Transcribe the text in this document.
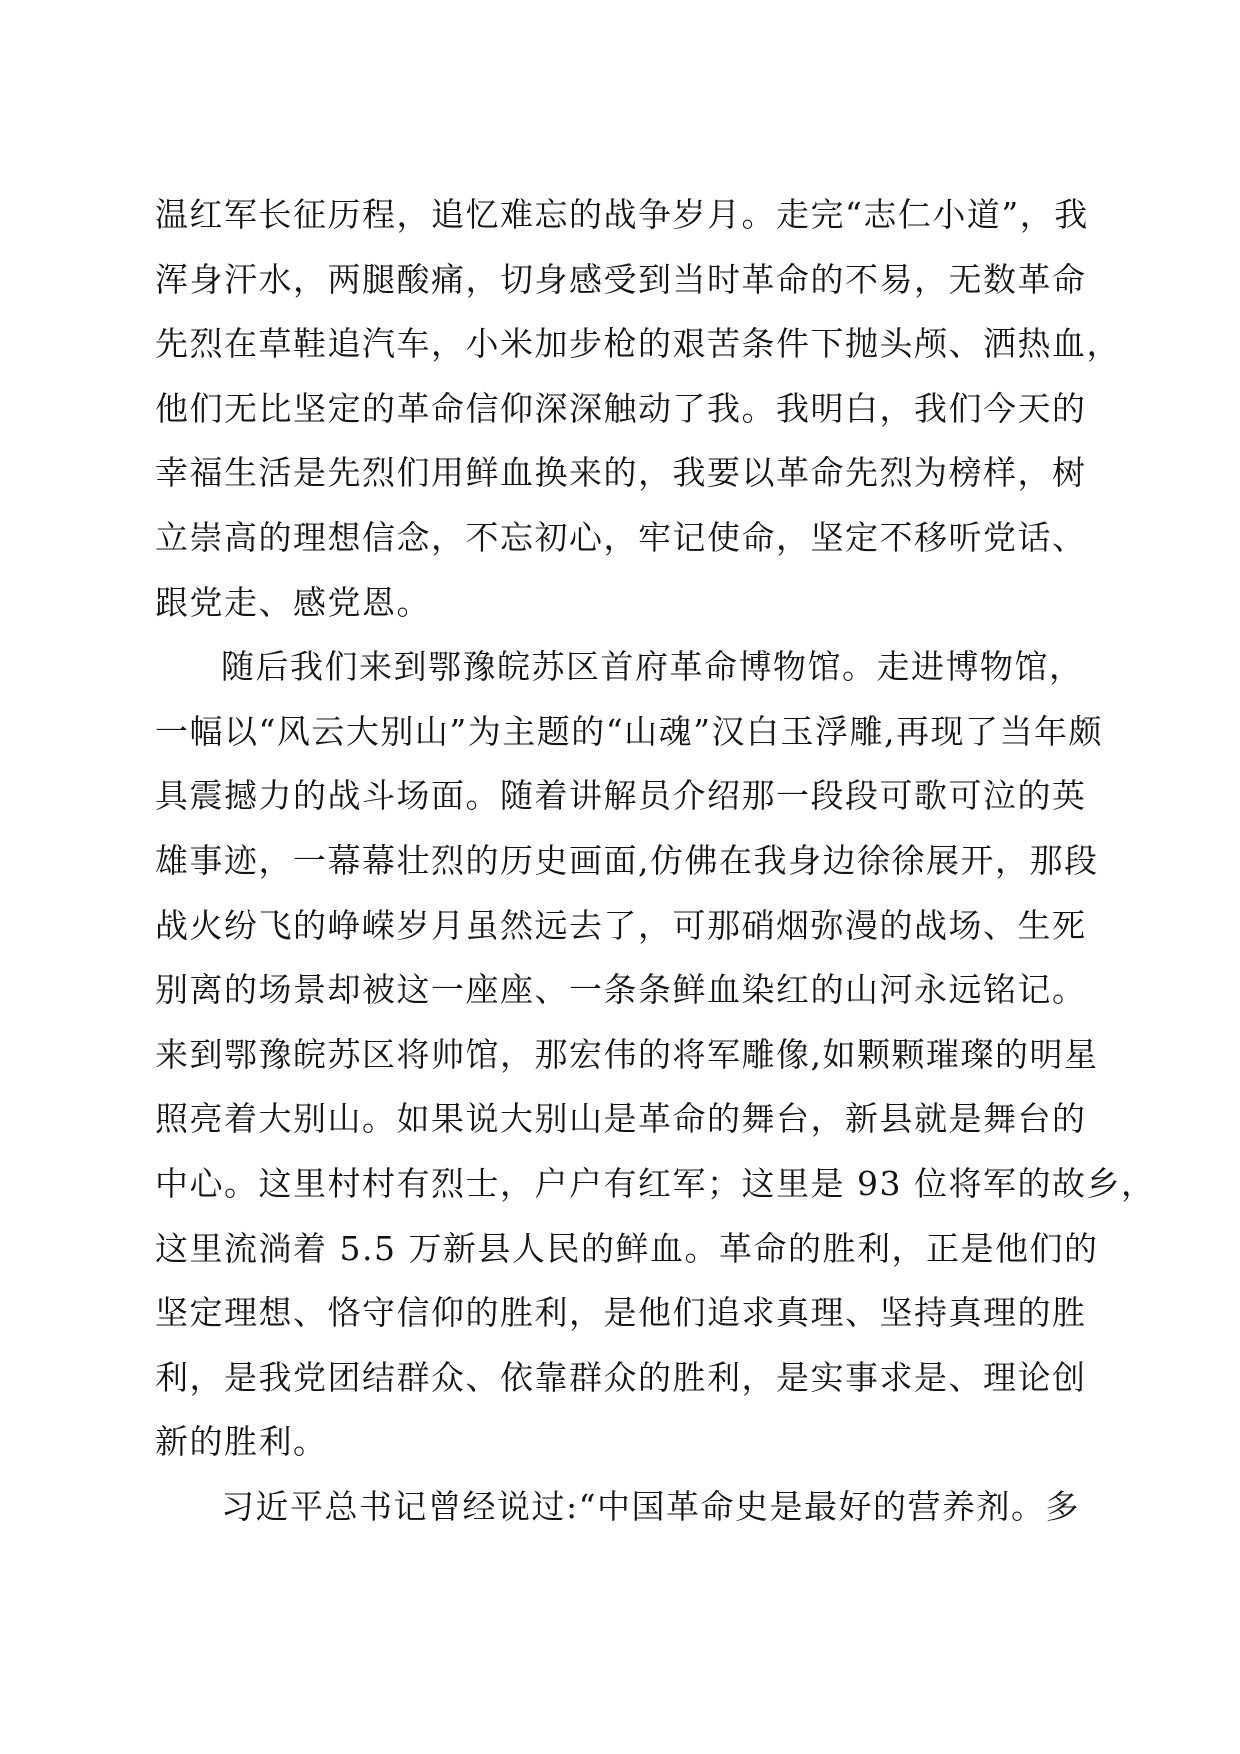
温红军长征历程，追忆难忘的战争岁月。走完“志仁小道”，我
浑身汗水，两腿酸痛，切身感受到当时革命的不易，无数革命
先烈在草鞋追汽车，小米加步枪的艰苦条件下抛头颅、洒热血，
他们无比坚定的革命信仰深深触动了我。我明白，我们今天的
幸福生活是先烈们用鲜血换来的，我要以革命先烈为榜样，树
立崇高的理想信念，不忘初心，牢记使命，坚定不移听党话、
跟党走、感党恩。
随后我们来到鄂豫皖苏区首府革命博物馆。走进博物馆，
一幅以“风云大别山”为主题的“山魂”汉白玉浮雕,再现了当年颇
具震撼力的战斗场面。随着讲解员介绍那一段段可歌可泣的英
雄事迹，一幕幕壮烈的历史画面,仿佛在我身边徐徐展开，那段
战火纷飞的峥嵘岁月虽然远去了，可那硝烟弥漫的战场、生死
别离的场景却被这一座座、一条条鲜血染红的山河永远铭记。
来到鄂豫皖苏区将帅馆，那宏伟的将军雕像,如颗颗璀璨的明星
照亮着大别山。如果说大别山是革命的舞台，新县就是舞台的
中心。这里村村有烈士，户户有红军；这里是 93 位将军的故乡，
这里流淌着 5.5 万新县人民的鲜血。革命的胜利，正是他们的
坚定理想、恪守信仰的胜利，是他们追求真理、坚持真理的胜
利，是我党团结群众、依靠群众的胜利，是实事求是、理论创
新的胜利。
习近平总书记曾经说过:“中国革命史是最好的营养剂。多
